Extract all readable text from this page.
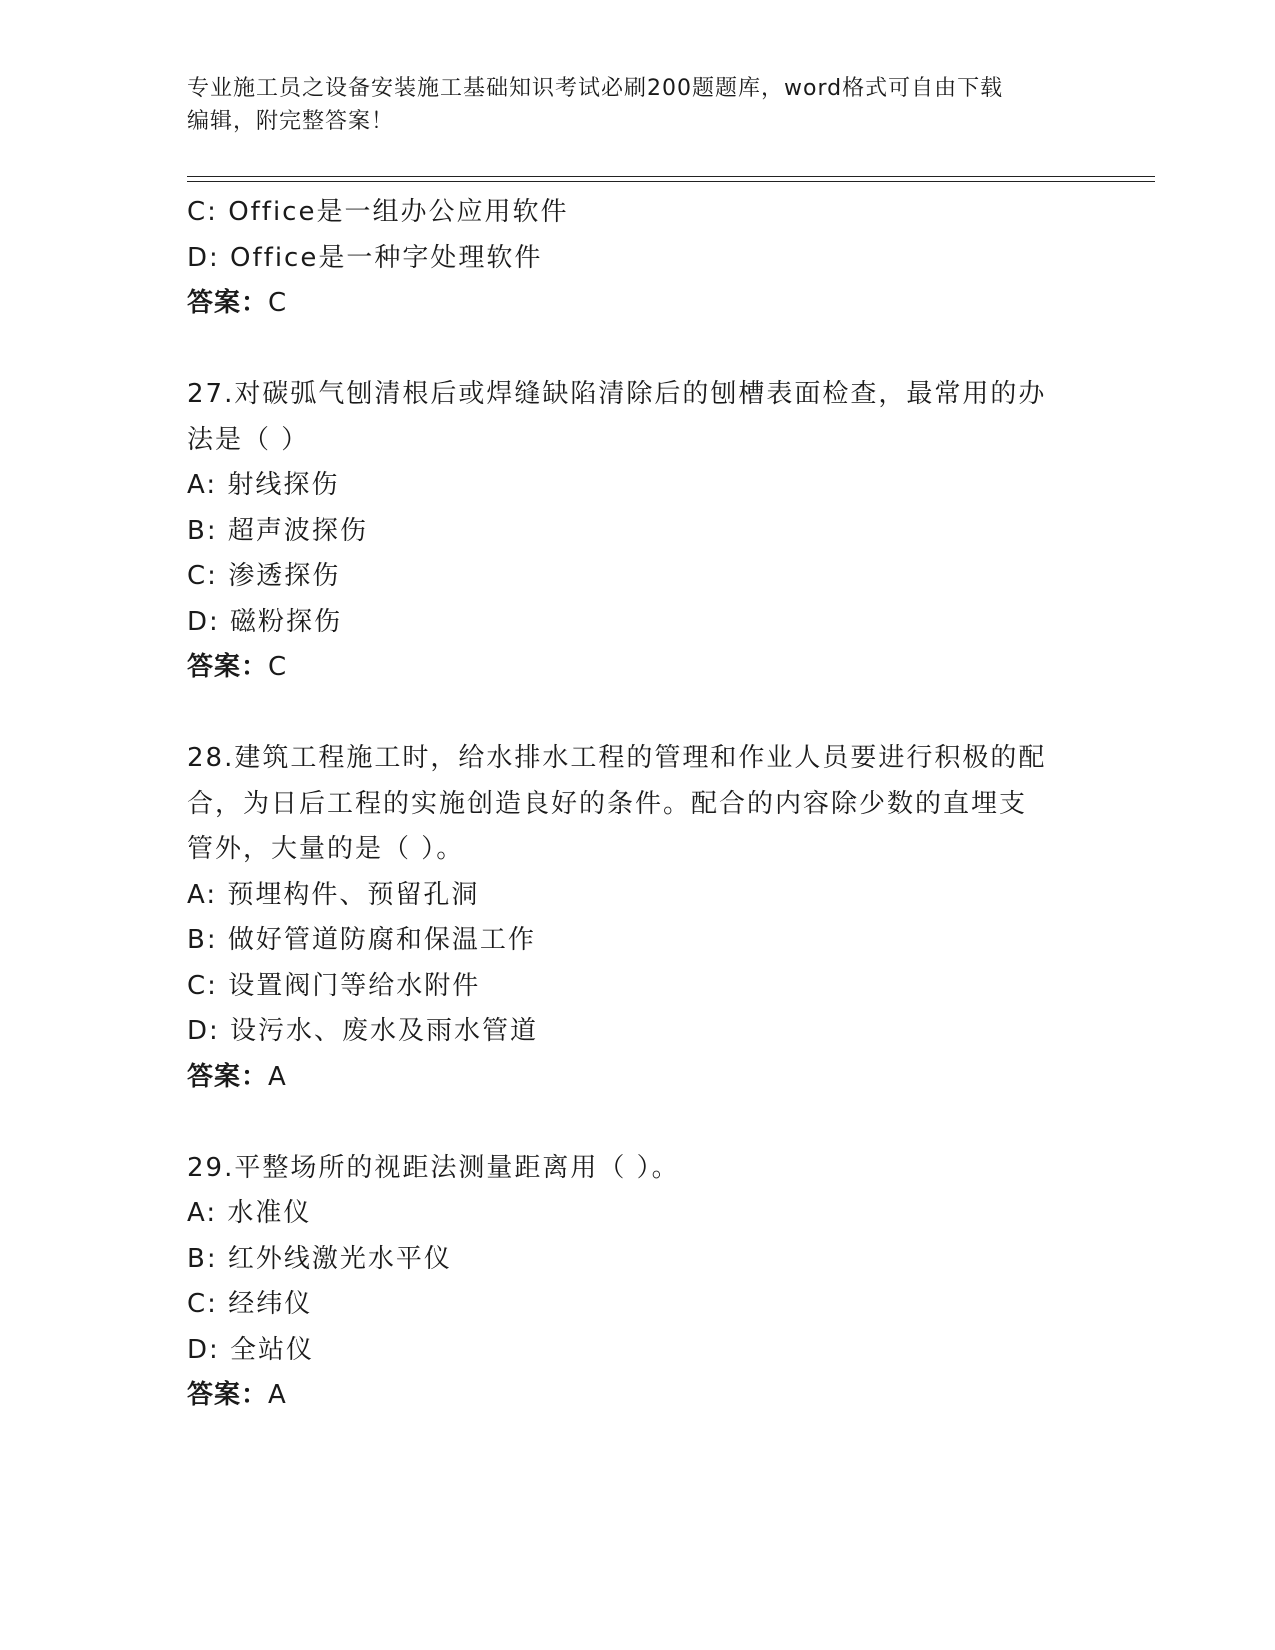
专业施工员之设备安装施工基础知识考试必刷200题题库，word格式可自由下载
编辑，附完整答案！
C: Office是一组办公应用软件
D: Office是一种字处理软件
答案：C
27.对碳弧气刨清根后或焊缝缺陷清除后的刨槽表面检查，最常用的办
法是（ ）
A: 射线探伤
B: 超声波探伤
C: 渗透探伤
D: 磁粉探伤
答案：C
28.建筑工程施工时，给水排水工程的管理和作业人员要进行积极的配
合，为日后工程的实施创造良好的条件。配合的内容除少数的直埋支
管外，大量的是（ ）。
A: 预埋构件、预留孔洞
B: 做好管道防腐和保温工作
C: 设置阀门等给水附件
D: 设污水、废水及雨水管道
答案：A
29.平整场所的视距法测量距离用（ ）。
A: 水准仪
B: 红外线激光水平仪
C: 经纬仪
D: 全站仪
答案：A
